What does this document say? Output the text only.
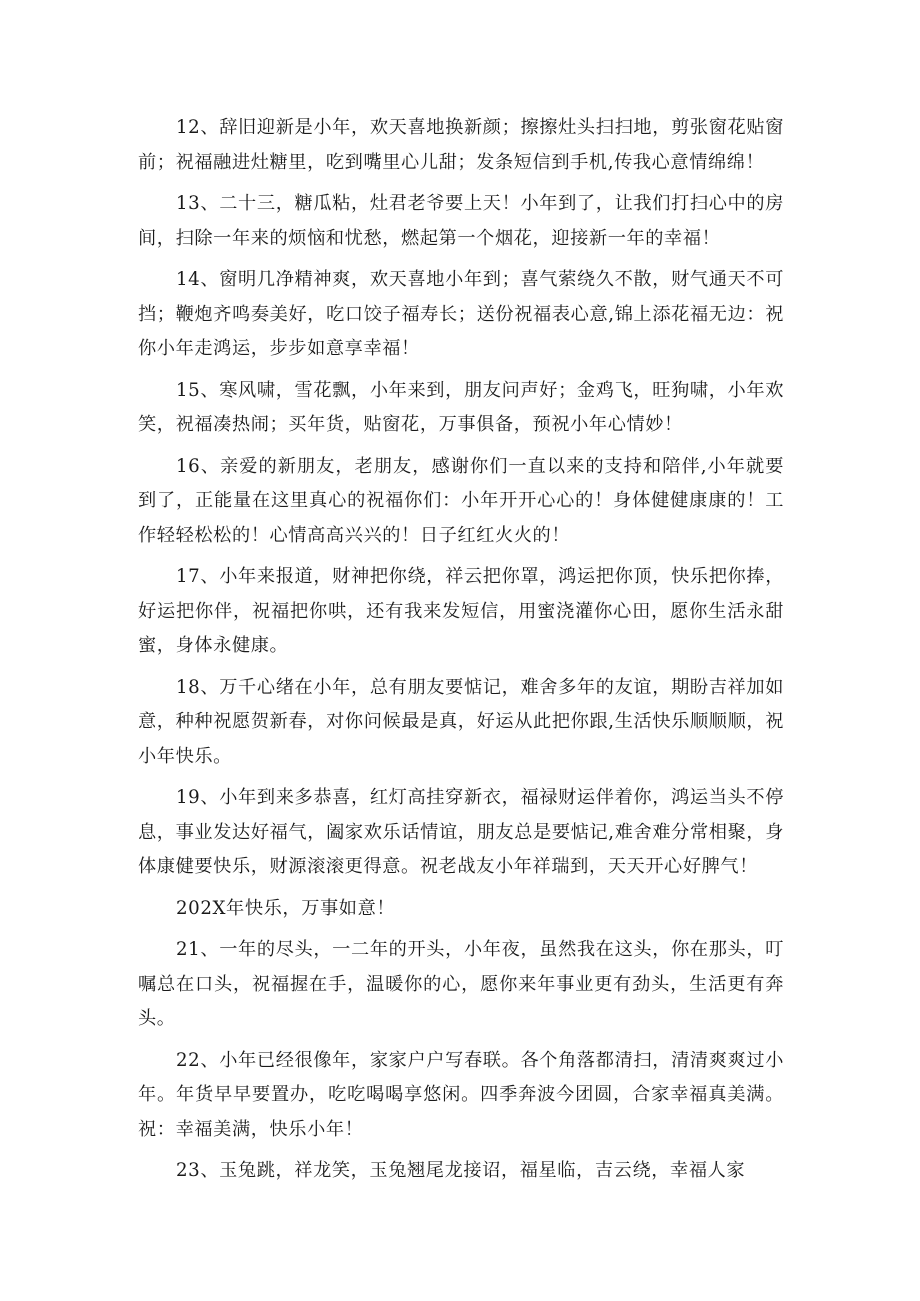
12、辞旧迎新是小年，欢天喜地换新颜；擦擦灶头扫扫地，剪张窗花贴窗前；祝福融进灶糖里，吃到嘴里心儿甜；发条短信到手机,传我心意情绵绵！

13、二十三，糖瓜粘，灶君老爷要上天！小年到了，让我们打扫心中的房间，扫除一年来的烦恼和忧愁，燃起第一个烟花，迎接新一年的幸福！

14、窗明几净精神爽，欢天喜地小年到；喜气萦绕久不散，财气通天不可挡；鞭炮齐鸣奏美好，吃口饺子福寿长；送份祝福表心意,锦上添花福无边：祝你小年走鸿运，步步如意享幸福！

15、寒风啸，雪花飘，小年来到，朋友问声好；金鸡飞，旺狗啸，小年欢笑，祝福凑热闹；买年货，贴窗花，万事俱备，预祝小年心情妙！

16、亲爱的新朋友，老朋友，感谢你们一直以来的支持和陪伴,小年就要到了，正能量在这里真心的祝福你们：小年开开心心的！身体健健康康的！工作轻轻松松的！心情高高兴兴的！日子红红火火的！

17、小年来报道，财神把你绕，祥云把你罩，鸿运把你顶，快乐把你捧，好运把你伴，祝福把你哄，还有我来发短信，用蜜浇灌你心田，愿你生活永甜蜜，身体永健康。

18、万千心绪在小年，总有朋友要惦记，难舍多年的友谊，期盼吉祥加如意，种种祝愿贺新春，对你问候最是真，好运从此把你跟,生活快乐顺顺顺，祝小年快乐。

19、小年到来多恭喜，红灯高挂穿新衣，福禄财运伴着你，鸿运当头不停息，事业发达好福气，阖家欢乐话情谊，朋友总是要惦记,难舍难分常相聚，身体康健要快乐，财源滚滚更得意。祝老战友小年祥瑞到，天天开心好脾气！

202X年快乐，万事如意！

21、一年的尽头，一二年的开头，小年夜，虽然我在这头，你在那头，叮嘱总在口头，祝福握在手，温暖你的心，愿你来年事业更有劲头，生活更有奔头。

22、小年已经很像年，家家户户写春联。各个角落都清扫，清清爽爽过小年。年货早早要置办，吃吃喝喝享悠闲。四季奔波今团圆，合家幸福真美满。祝：幸福美满，快乐小年！

23、玉兔跳，祥龙笑，玉兔翘尾龙接诏，福星临，吉云绕，幸福人家
